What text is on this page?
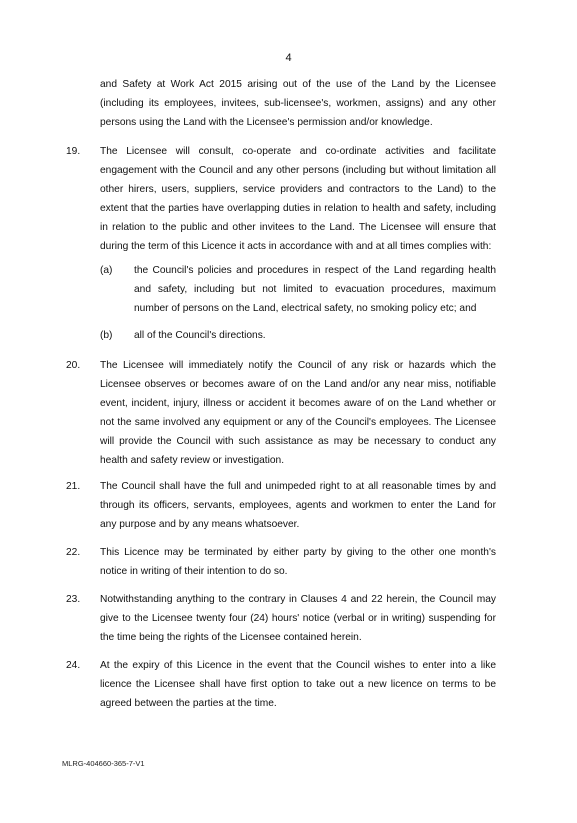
4
and Safety at Work Act 2015 arising out of the use of the Land by the Licensee (including its employees, invitees, sub-licensee's, workmen, assigns) and any other persons using the Land with the Licensee's permission and/or knowledge.
19. The Licensee will consult, co-operate and co-ordinate activities and facilitate engagement with the Council and any other persons (including but without limitation all other hirers, users, suppliers, service providers and contractors to the Land) to the extent that the parties have overlapping duties in relation to health and safety, including in relation to the public and other invitees to the Land. The Licensee will ensure that during the term of this Licence it acts in accordance with and at all times complies with:
(a) the Council's policies and procedures in respect of the Land regarding health and safety, including but not limited to evacuation procedures, maximum number of persons on the Land, electrical safety, no smoking policy etc; and
(b) all of the Council's directions.
20. The Licensee will immediately notify the Council of any risk or hazards which the Licensee observes or becomes aware of on the Land and/or any near miss, notifiable event, incident, injury, illness or accident it becomes aware of on the Land whether or not the same involved any equipment or any of the Council's employees. The Licensee will provide the Council with such assistance as may be necessary to conduct any health and safety review or investigation.
21. The Council shall have the full and unimpeded right to at all reasonable times by and through its officers, servants, employees, agents and workmen to enter the Land for any purpose and by any means whatsoever.
22. This Licence may be terminated by either party by giving to the other one month's notice in writing of their intention to do so.
23. Notwithstanding anything to the contrary in Clauses 4 and 22 herein, the Council may give to the Licensee twenty four (24) hours' notice (verbal or in writing) suspending for the time being the rights of the Licensee contained herein.
24. At the expiry of this Licence in the event that the Council wishes to enter into a like licence the Licensee shall have first option to take out a new licence on terms to be agreed between the parties at the time.
MLRG-404660-365-7-V1
